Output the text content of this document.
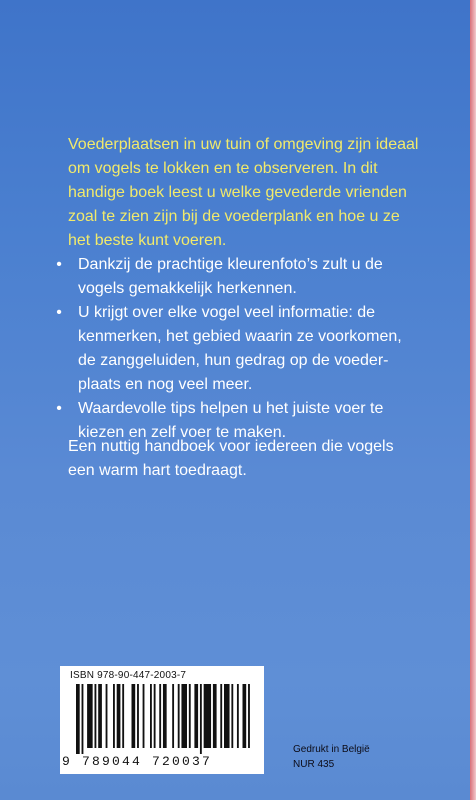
Voederplaatsen in uw tuin of omgeving zijn ideaal
om vogels te lokken en te observeren. In dit
handige boek leest u welke gevederde vrienden
zoal te zien zijn bij de voederplank en hoe u ze
het beste kunt voeren.

•	Dankzij de prachtige kleurenfoto’s zult u de
vogels gemakkelijk herkennen.
•	U krijgt over elke vogel veel informatie: de
kenmerken, het gebied waarin ze voorkomen,
de zanggeluiden, hun gedrag op de voeder-
plaats en nog veel meer.
•	Waardevolle tips helpen u het juiste voer te
kiezen en zelf voer te maken.

Een nuttig handboek voor iedereen die vogels
een warm hart toedraagt.

ISBN 978-90-447-2003-7
9 789044 720037

Gedrukt in België

NUR 435
